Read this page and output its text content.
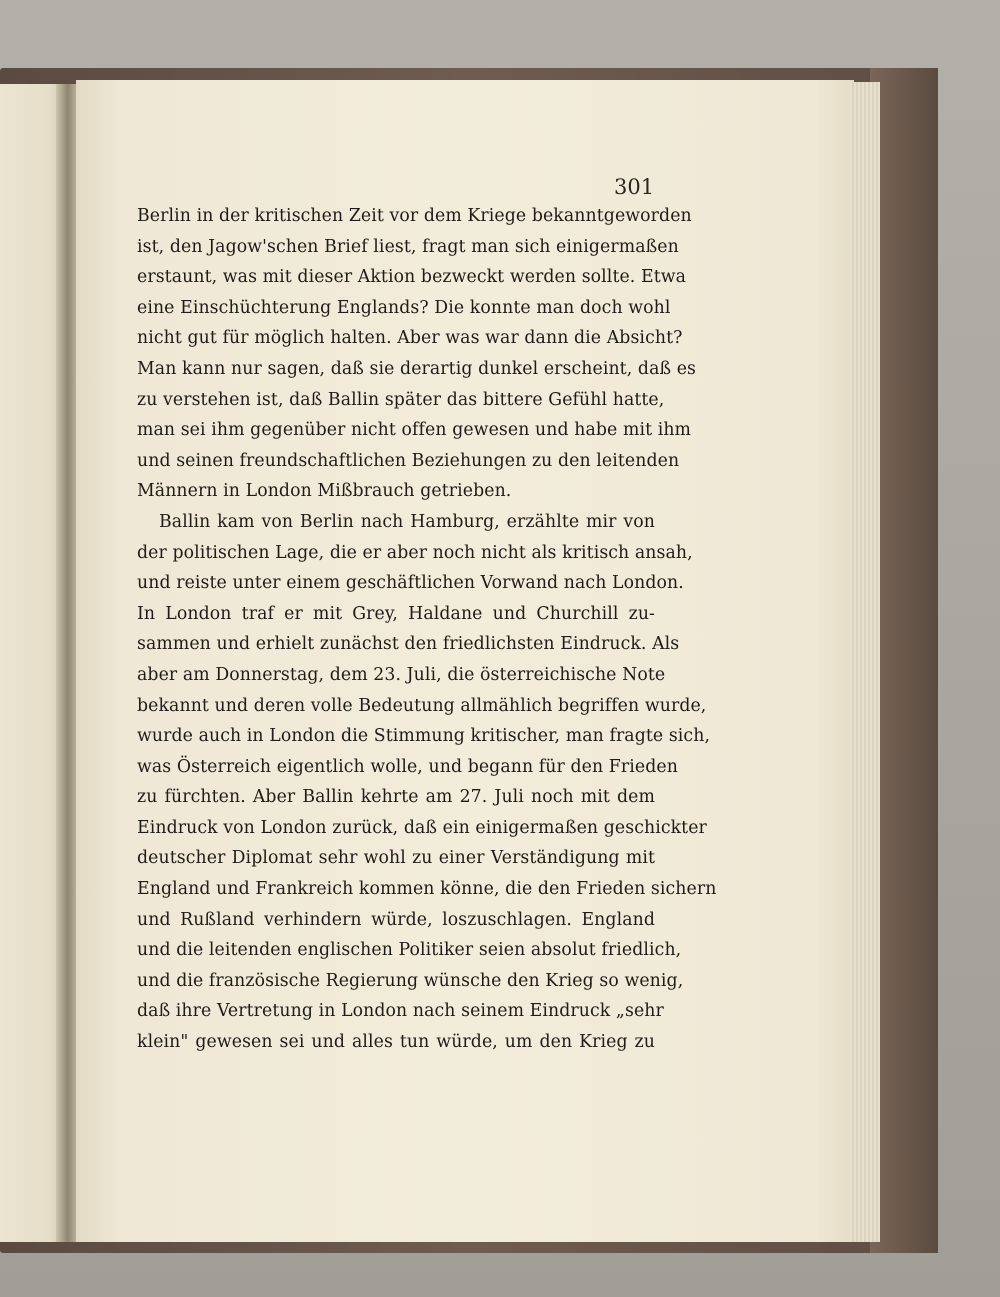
301
Berlin in der kritischen Zeit vor dem Kriege bekanntgeworden
ist, den Jagow'schen Brief liest, fragt man sich einigermaßen
erstaunt, was mit dieser Aktion bezweckt werden sollte. Etwa
eine Einschüchterung Englands? Die konnte man doch wohl
nicht gut für möglich halten. Aber was war dann die Absicht?
Man kann nur sagen, daß sie derartig dunkel erscheint, daß es
zu verstehen ist, daß Ballin später das bittere Gefühl hatte,
man sei ihm gegenüber nicht offen gewesen und habe mit ihm
und seinen freundschaftlichen Beziehungen zu den leitenden
Männern in London Mißbrauch getrieben.
Ballin kam von Berlin nach Hamburg, erzählte mir von
der politischen Lage, die er aber noch nicht als kritisch ansah,
und reiste unter einem geschäftlichen Vorwand nach London.
In London traf er mit Grey, Haldane und Churchill zu-
sammen und erhielt zunächst den friedlichsten Eindruck. Als
aber am Donnerstag, dem 23. Juli, die österreichische Note
bekannt und deren volle Bedeutung allmählich begriffen wurde,
wurde auch in London die Stimmung kritischer, man fragte sich,
was Österreich eigentlich wolle, und begann für den Frieden
zu fürchten. Aber Ballin kehrte am 27. Juli noch mit dem
Eindruck von London zurück, daß ein einigermaßen geschickter
deutscher Diplomat sehr wohl zu einer Verständigung mit
England und Frankreich kommen könne, die den Frieden sichern
und Rußland verhindern würde, loszuschlagen. England
und die leitenden englischen Politiker seien absolut friedlich,
und die französische Regierung wünsche den Krieg so wenig,
daß ihre Vertretung in London nach seinem Eindruck „sehr
klein" gewesen sei und alles tun würde, um den Krieg zu
